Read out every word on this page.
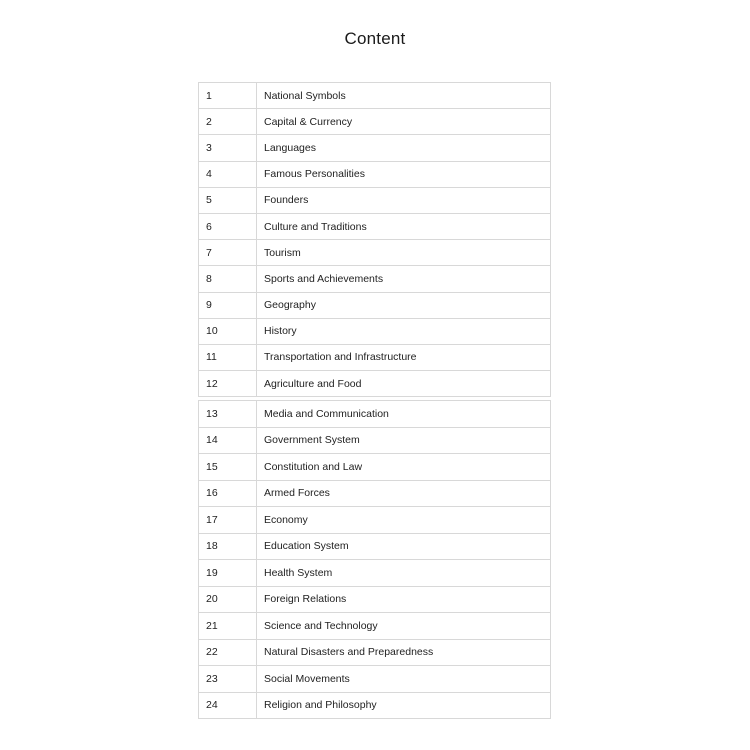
Content
1	National Symbols
2	Capital & Currency
3	Languages
4	Famous Personalities
5	Founders
6	Culture and Traditions
7	Tourism
8	Sports and Achievements
9	Geography
10	History
11	Transportation and Infrastructure
12	Agriculture and Food
13	Media and Communication
14	Government System
15	Constitution and Law
16	Armed Forces
17	Economy
18	Education System
19	Health System
20	Foreign Relations
21	Science and Technology
22	Natural Disasters and Preparedness
23	Social Movements
24	Religion and Philosophy
